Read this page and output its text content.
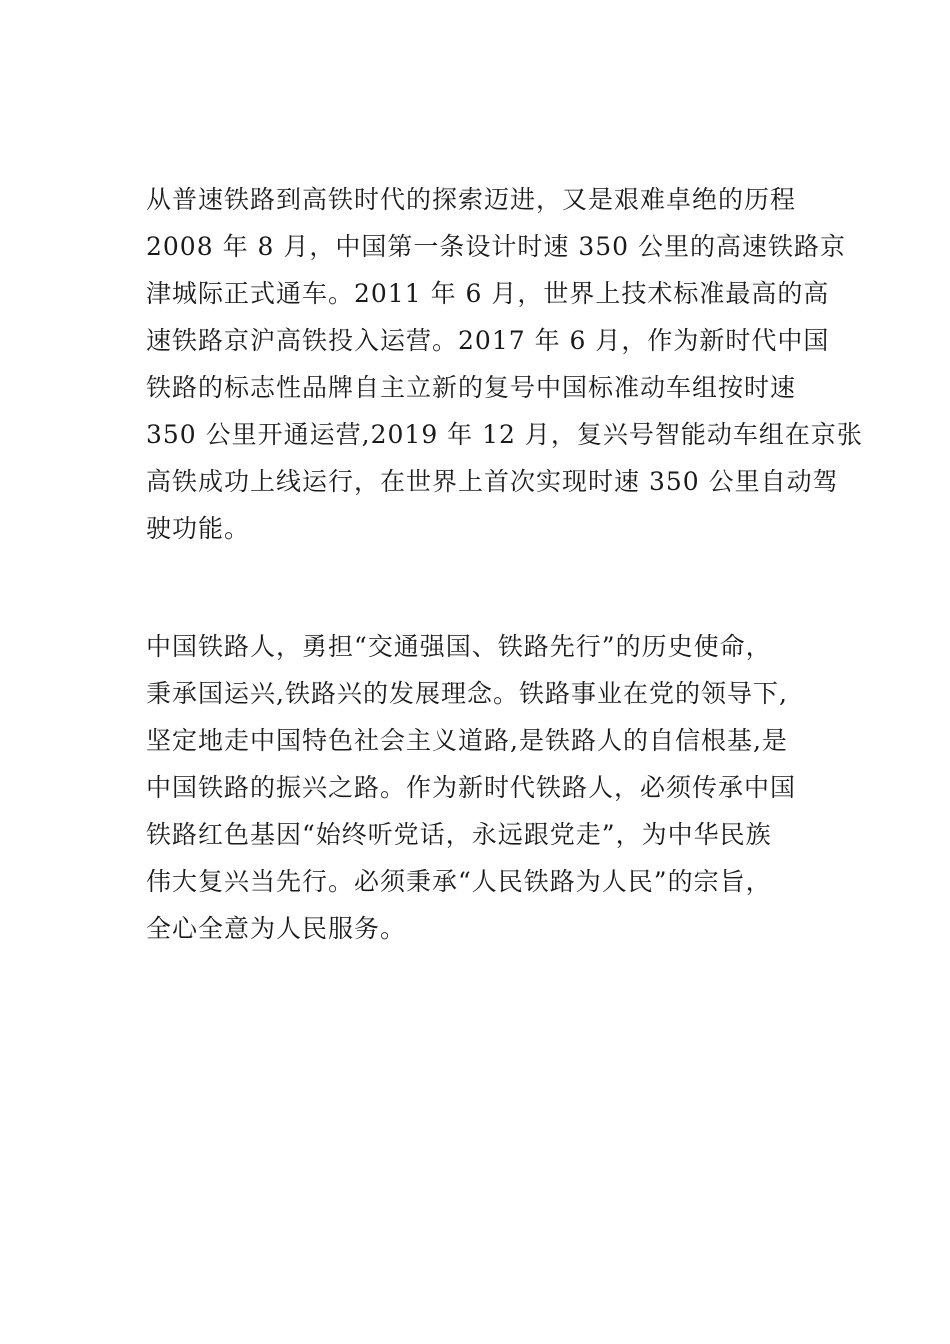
从普速铁路到高铁时代的探索迈进，又是艰难卓绝的历程
2008 年 8 月，中国第一条设计时速 350 公里的高速铁路京
津城际正式通车。2011 年 6 月，世界上技术标准最高的高
速铁路京沪高铁投入运营。2017 年 6 月，作为新时代中国
铁路的标志性品牌自主立新的复号中国标准动车组按时速
350 公里开通运营,2019 年 12 月，复兴号智能动车组在京张
高铁成功上线运行，在世界上首次实现时速 350 公里自动驾
驶功能。
中国铁路人，勇担“交通强国、铁路先行”的历史使命，
秉承国运兴,铁路兴的发展理念。铁路事业在党的领导下,
坚定地走中国特色社会主义道路,是铁路人的自信根基,是
中国铁路的振兴之路。作为新时代铁路人，必须传承中国
铁路红色基因“始终听党话，永远跟党走”，为中华民族
伟大复兴当先行。必须秉承“人民铁路为人民”的宗旨，
全心全意为人民服务。
